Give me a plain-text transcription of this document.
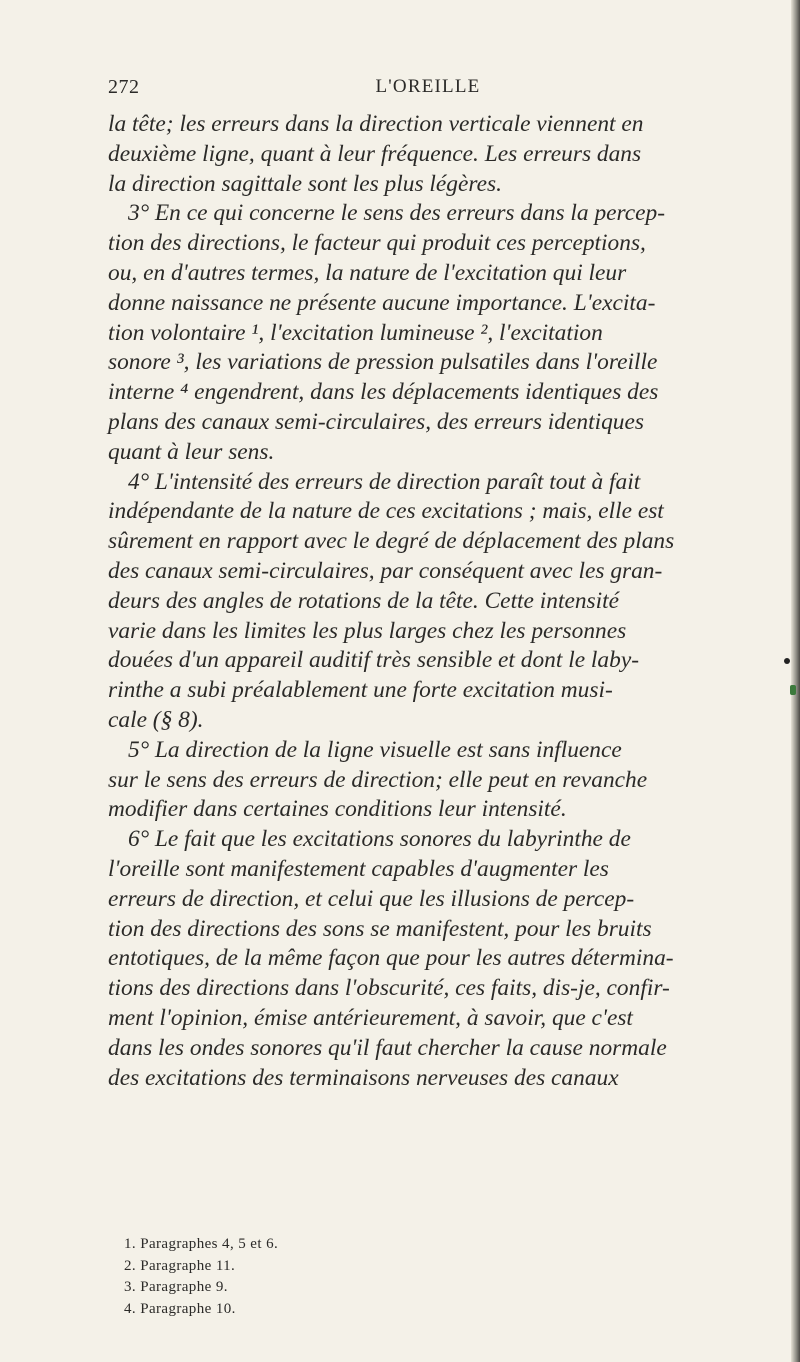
272	L'OREILLE
la tête; les erreurs dans la direction verticale viennent en
deuxième ligne, quant à leur fréquence. Les erreurs dans
la direction sagittale sont les plus légères.
3° En ce qui concerne le sens des erreurs dans la percep-
tion des directions, le facteur qui produit ces perceptions,
ou, en d'autres termes, la nature de l'excitation qui leur
donne naissance ne présente aucune importance. L'excita-
tion volontaire ¹, l'excitation lumineuse ², l'excitation
sonore ³, les variations de pression pulsatiles dans l'oreille
interne ⁴ engendrent, dans les déplacements identiques des
plans des canaux semi-circulaires, des erreurs identiques
quant à leur sens.
4° L'intensité des erreurs de direction paraît tout à fait
indépendante de la nature de ces excitations ; mais, elle est
sûrement en rapport avec le degré de déplacement des plans
des canaux semi-circulaires, par conséquent avec les gran-
deurs des angles de rotations de la tête. Cette intensité
varie dans les limites les plus larges chez les personnes
douées d'un appareil auditif très sensible et dont le laby-
rinthe a subi préalablement une forte excitation musi-
cale (§ 8).
5° La direction de la ligne visuelle est sans influence
sur le sens des erreurs de direction; elle peut en revanche
modifier dans certaines conditions leur intensité.
6° Le fait que les excitations sonores du labyrinthe de
l'oreille sont manifestement capables d'augmenter les
erreurs de direction, et celui que les illusions de percep-
tion des directions des sons se manifestent, pour les bruits
entotiques, de la même façon que pour les autres détermina-
tions des directions dans l'obscurité, ces faits, dis-je, confir-
ment l'opinion, émise antérieurement, à savoir, que c'est
dans les ondes sonores qu'il faut chercher la cause normale
des excitations des terminaisons nerveuses des canaux
1. Paragraphes 4, 5 et 6.
2. Paragraphe 11.
3. Paragraphe 9.
4. Paragraphe 10.
